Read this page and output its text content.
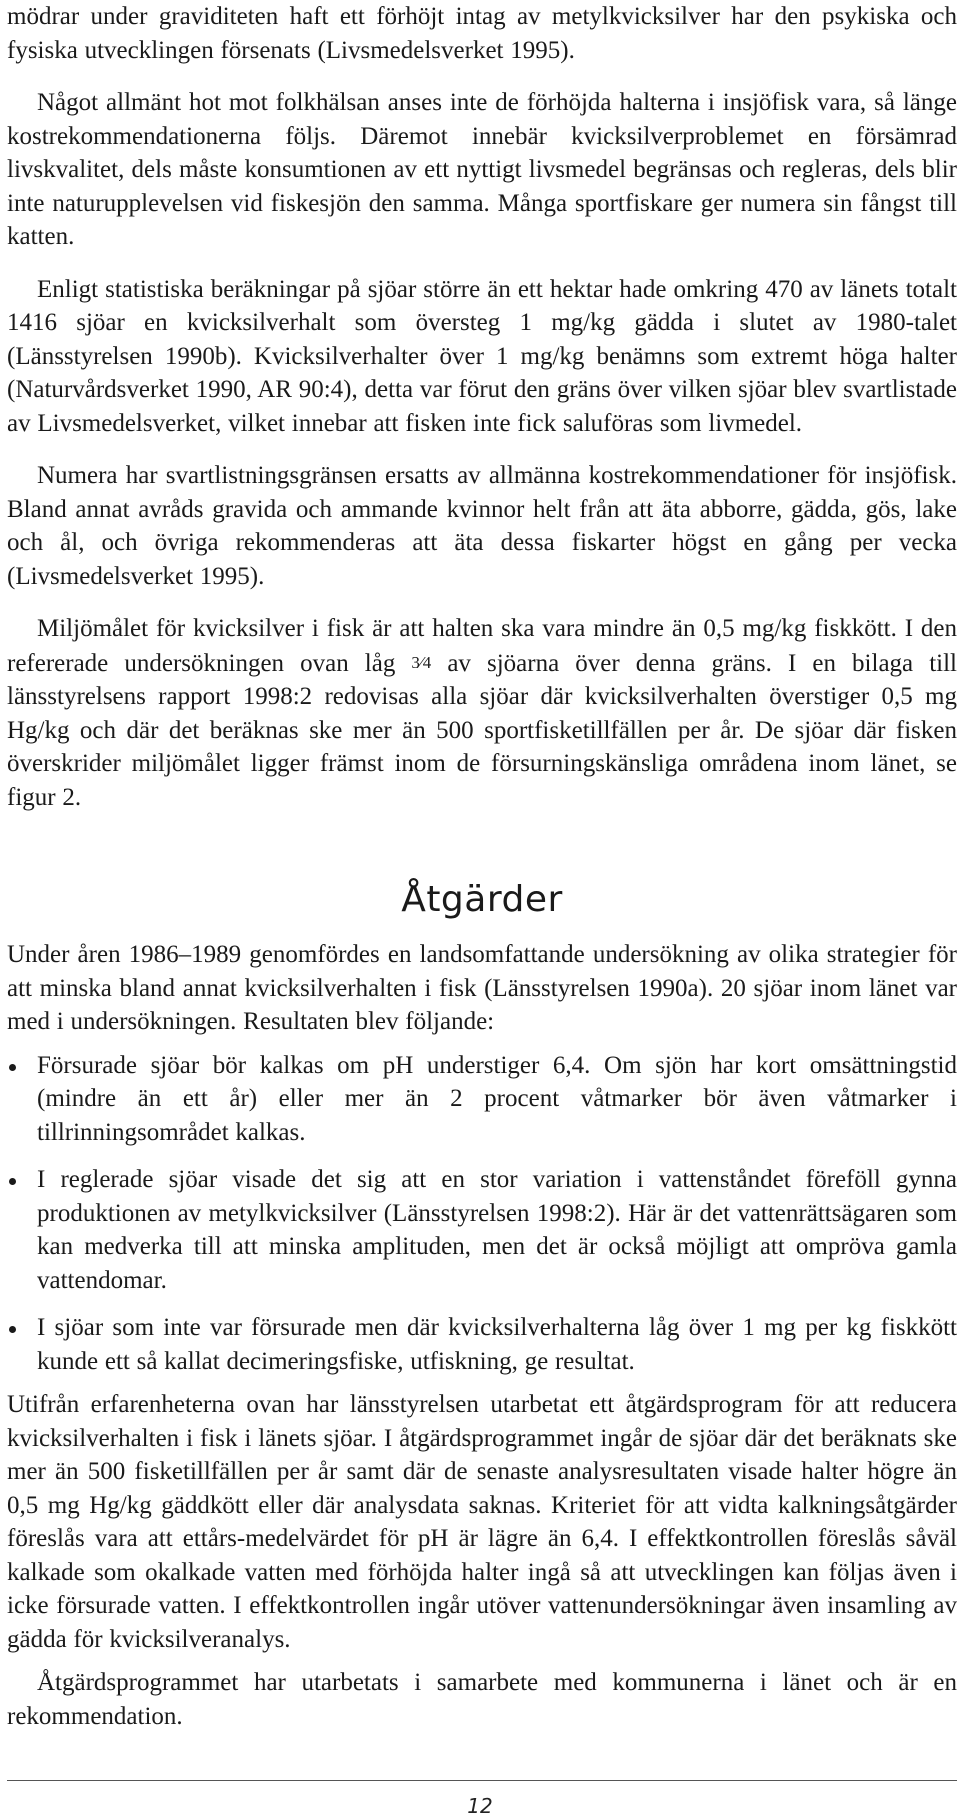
mödrar under graviditeten haft ett förhöjt intag av metylkvicksilver har den psykiska och fysiska utvecklingen försenats (Livsmedelsverket 1995).

Något allmänt hot mot folkhälsan anses inte de förhöjda halterna i insjöfisk vara, så länge kostrekommendationerna följs. Däremot innebär kvicksilverproblemet en försämrad livskvalitet, dels måste konsumtionen av ett nyttigt livsmedel begränsas och regleras, dels blir inte naturupplevelsen vid fiskesjön den samma. Många sportfiskare ger numera sin fångst till katten.

Enligt statistiska beräkningar på sjöar större än ett hektar hade omkring 470 av länets totalt 1416 sjöar en kvicksilverhalt som översteg 1 mg/kg gädda i slutet av 1980-talet (Länsstyrelsen 1990b). Kvicksilverhalter över 1 mg/kg benämns som extremt höga halter (Naturvårdsverket 1990, AR 90:4), detta var förut den gräns över vilken sjöar blev svartlistade av Livsmedelsverket, vilket innebar att fisken inte fick saluföras som livmedel.

Numera har svartlistningsgränsen ersatts av allmänna kostrekommendationer för insjöfisk. Bland annat avråds gravida och ammande kvinnor helt från att äta abborre, gädda, gös, lake och ål, och övriga rekommenderas att äta dessa fiskarter högst en gång per vecka (Livsmedelsverket 1995).

Miljömålet för kvicksilver i fisk är att halten ska vara mindre än 0,5 mg/kg fiskkött. I den refererade undersökningen ovan låg 3⁄4 av sjöarna över denna gräns. I en bilaga till länsstyrelsens rapport 1998:2 redovisas alla sjöar där kvicksilverhalten överstiger 0,5 mg Hg/kg och där det beräknas ske mer än 500 sportfisketillfällen per år. De sjöar där fisken överskrider miljömålet ligger främst inom de försurningskänsliga områdena inom länet, se figur 2.

Åtgärder

Under åren 1986–1989 genomfördes en landsomfattande undersökning av olika strategier för att minska bland annat kvicksilverhalten i fisk (Länsstyrelsen 1990a). 20 sjöar inom länet var med i undersökningen. Resultaten blev följande:

Försurade sjöar bör kalkas om pH understiger 6,4. Om sjön har kort omsättningstid (mindre än ett år) eller mer än 2 procent våtmarker bör även våtmarker i tillrinningsområdet kalkas.

I reglerade sjöar visade det sig att en stor variation i vattenståndet föreföll gynna produktionen av metylkvicksilver (Länsstyrelsen 1998:2). Här är det vattenrättsägaren som kan medverka till att minska amplituden, men det är också möjligt att ompröva gamla vattendomar.

I sjöar som inte var försurade men där kvicksilverhalterna låg över 1 mg per kg fiskkött kunde ett så kallat decimeringsfiske, utfiskning, ge resultat.

Utifrån erfarenheterna ovan har länsstyrelsen utarbetat ett åtgärdsprogram för att reducera kvicksilverhalten i fisk i länets sjöar. I åtgärdsprogrammet ingår de sjöar där det beräknats ske mer än 500 fisketillfällen per år samt där de senaste analysresultaten visade halter högre än 0,5 mg Hg/kg gäddkött eller där analysdata saknas. Kriteriet för att vidta kalkningsåtgärder föreslås vara att ettårs-medelvärdet för pH är lägre än 6,4. I effektkontrollen föreslås såväl kalkade som okalkade vatten med förhöjda halter ingå så att utvecklingen kan följas även i icke försurade vatten. I effektkontrollen ingår utöver vattenundersökningar även insamling av gädda för kvicksilveranalys.

Åtgärdsprogrammet har utarbetats i samarbete med kommunerna i länet och är en rekommendation.

12
